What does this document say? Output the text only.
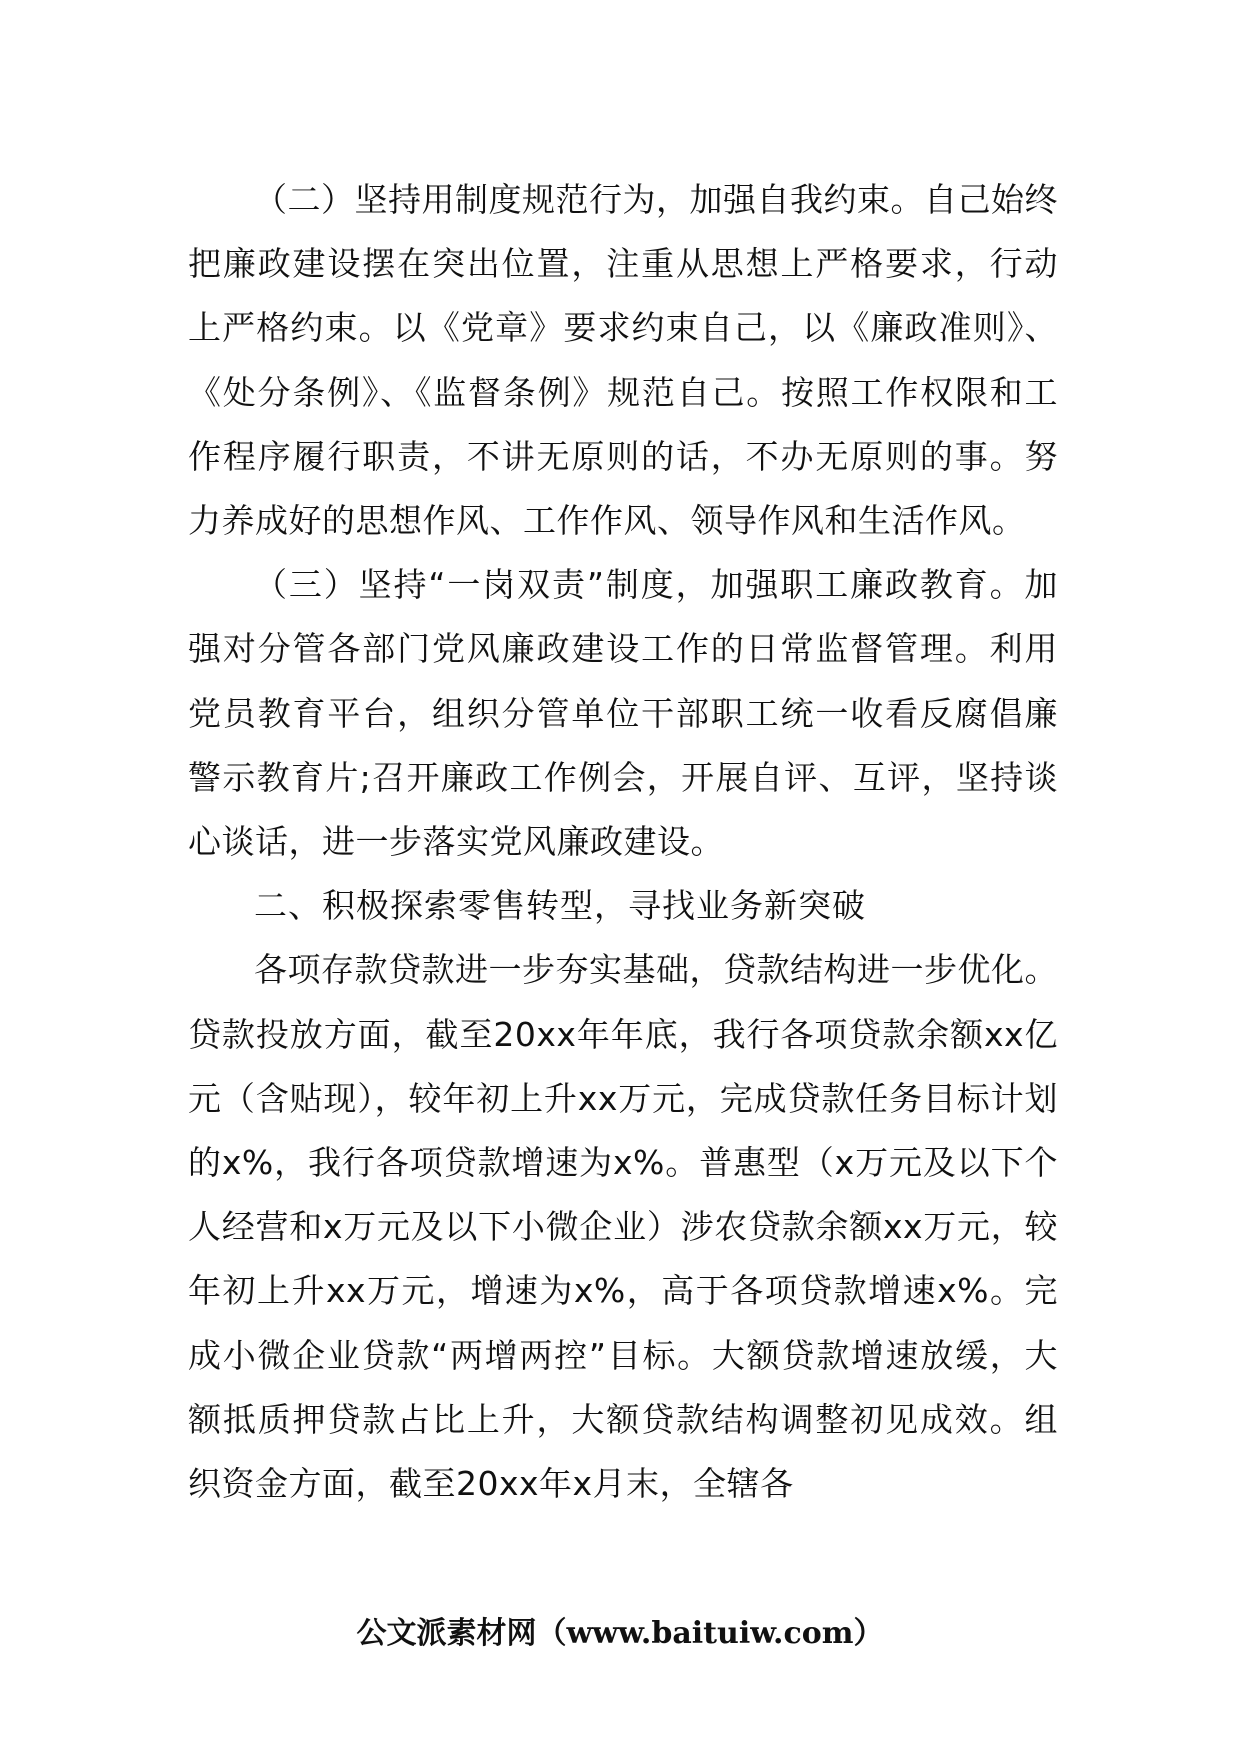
（二）坚持用制度规范行为，加强自我约束。自己始终把廉政建设摆在突出位置，注重从思想上严格要求，行动上严格约束。以《党章》要求约束自己，以《廉政准则》、《处分条例》、《监督条例》规范自己。按照工作权限和工作程序履行职责，不讲无原则的话，不办无原则的事。努力养成好的思想作风、工作作风、领导作风和生活作风。

（三）坚持“一岗双责”制度，加强职工廉政教育。加强对分管各部门党风廉政建设工作的日常监督管理。利用党员教育平台，组织分管单位干部职工统一收看反腐倡廉警示教育片;召开廉政工作例会，开展自评、互评，坚持谈心谈话，进一步落实党风廉政建设。

二、积极探索零售转型，寻找业务新突破

各项存款贷款进一步夯实基础，贷款结构进一步优化。贷款投放方面，截至20xx年年底，我行各项贷款余额xx亿元（含贴现），较年初上升xx万元，完成贷款任务目标计划的x%，我行各项贷款增速为x%。普惠型（x万元及以下个人经营和x万元及以下小微企业）涉农贷款余额xx万元，较年初上升xx万元，增速为x%，高于各项贷款增速x%。完成小微企业贷款“两增两控”目标。大额贷款增速放缓，大额抵质押贷款占比上升，大额贷款结构调整初见成效。组织资金方面，截至20xx年x月末，全辖各

公文派素材网（www.baituiw.com）
